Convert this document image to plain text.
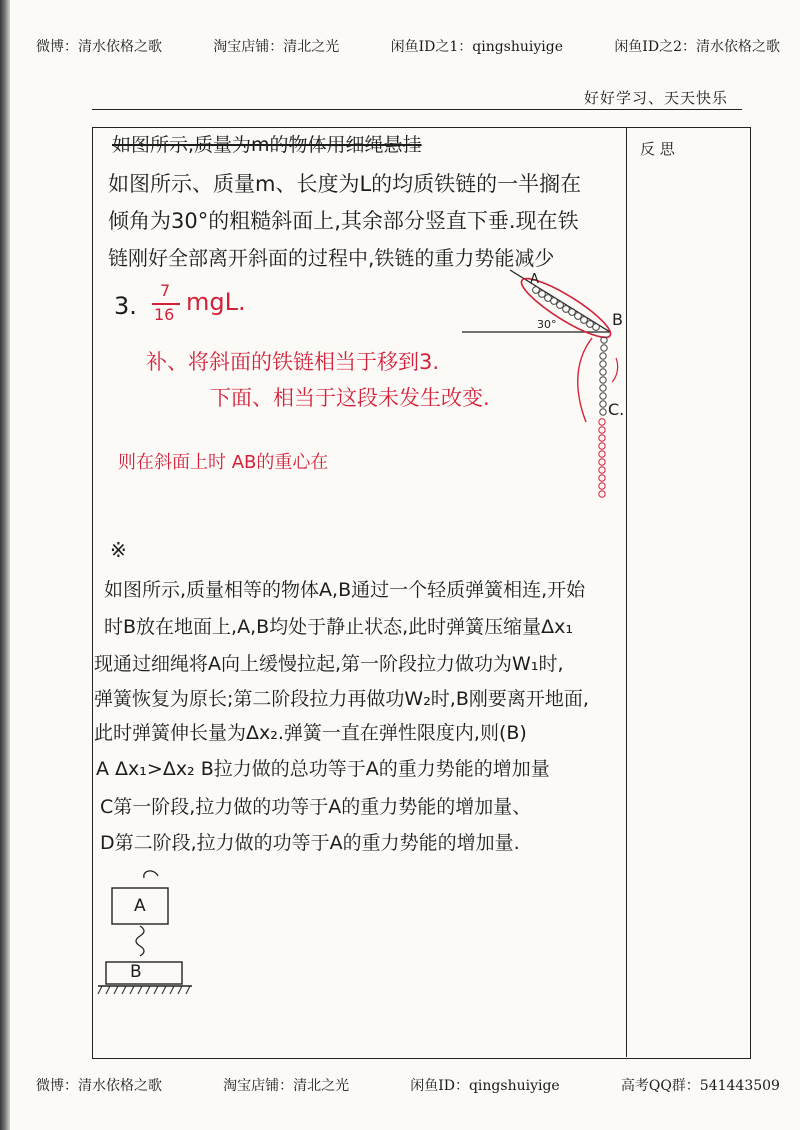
微博：清水依格之歌	淘宝店铺：清北之光	闲鱼ID之1：qingshuiyige	闲鱼ID之2：清水依格之歌
好好学习、天天快乐
反 思
如图所示,质量为m的物体用细绳悬挂
如图所示、质量m、长度为L的均质铁链的一半搁在
倾角为30°的粗糙斜面上,其余部分竖直下垂.现在铁
链刚好全部离开斜面的过程中,铁链的重力势能减少
3.
7
16 mgL.
补、将斜面的铁链相当于移到3.
下面、相当于这段未发生改变.
则在斜面上时 AB的重心在
A
B
C.
30°
※
如图所示,质量相等的物体A,B通过一个轻质弹簧相连,开始
时B放在地面上,A,B均处于静止状态,此时弹簧压缩量Δx₁
现通过细绳将A向上缓慢拉起,第一阶段拉力做功为W₁时,
弹簧恢复为原长;第二阶段拉力再做功W₂时,B刚要离开地面,
此时弹簧伸长量为Δx₂.弹簧一直在弹性限度内,则(B)
A Δx₁>Δx₂ B拉力做的总功等于A的重力势能的增加量
C第一阶段,拉力做的功等于A的重力势能的增加量、
D第二阶段,拉力做的功等于A的重力势能的增加量.
A
B
微博：清水依格之歌	淘宝店铺：清北之光	闲鱼ID：qingshuiyige	高考QQ群：541443509
